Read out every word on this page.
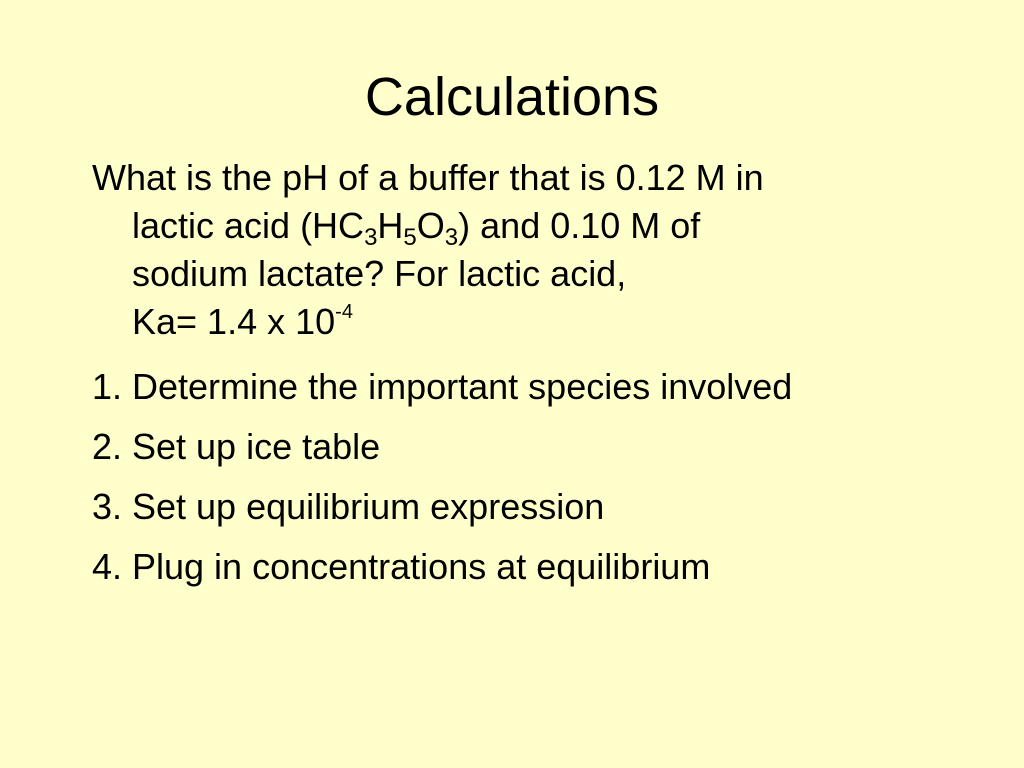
Calculations

What is the pH of a buffer that is 0.12 M in
lactic acid $(HC_3H_5O_3)$ and 0.10 M of
sodium lactate? For lactic acid,
Ka= 1.4 x $10^{-4}$

1. Determine the important species involved
2. Set up ice table
3. Set up equilibrium expression
4. Plug in concentrations at equilibrium
